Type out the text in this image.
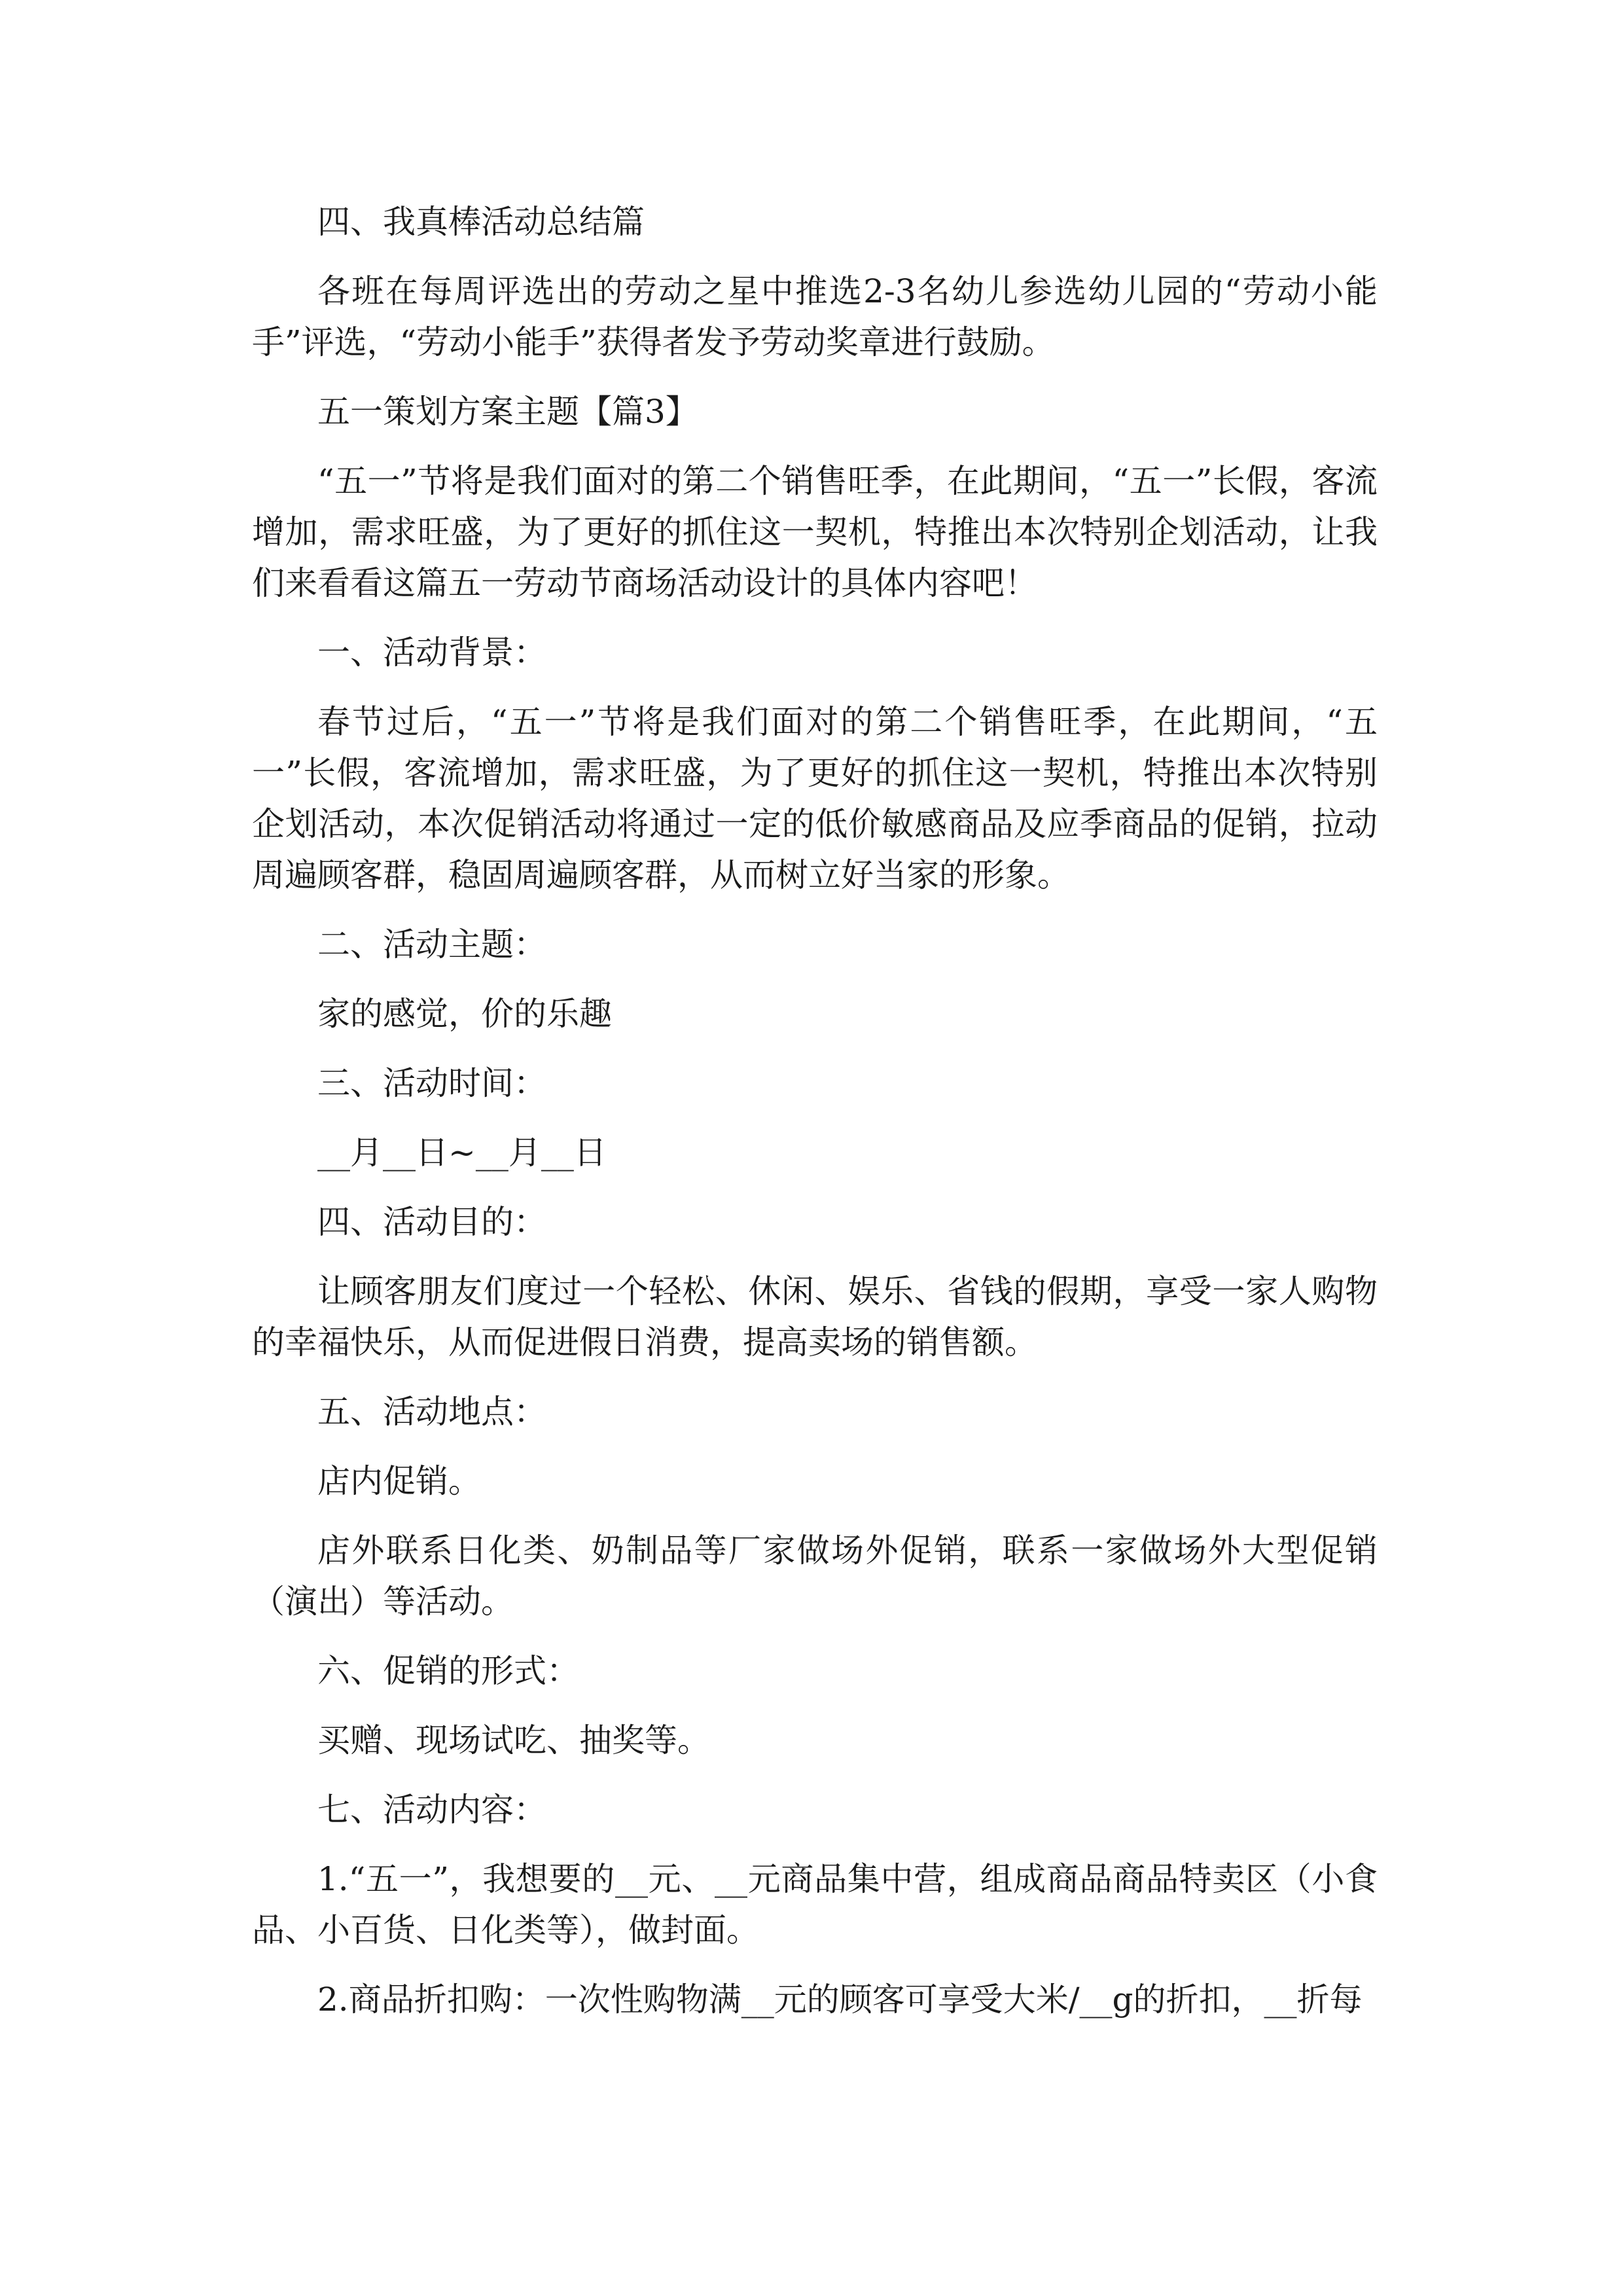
四、我真棒活动总结篇

各班在每周评选出的劳动之星中推选2-3名幼儿参选幼儿园的“劳动小能手”评选，“劳动小能手”获得者发予劳动奖章进行鼓励。

五一策划方案主题【篇3】

“五一”节将是我们面对的第二个销售旺季，在此期间，“五一”长假，客流增加，需求旺盛，为了更好的抓住这一契机，特推出本次特别企划活动，让我们来看看这篇五一劳动节商场活动设计的具体内容吧！

一、活动背景：

春节过后，“五一”节将是我们面对的第二个销售旺季，在此期间，“五一”长假，客流增加，需求旺盛，为了更好的抓住这一契机，特推出本次特别企划活动，本次促销活动将通过一定的低价敏感商品及应季商品的促销，拉动周遍顾客群，稳固周遍顾客群，从而树立好当家的形象。

二、活动主题：

家的感觉，价的乐趣

三、活动时间：

__月__日~__月__日

四、活动目的：

让顾客朋友们度过一个轻松、休闲、娱乐、省钱的假期，享受一家人购物的幸福快乐，从而促进假日消费，提高卖场的销售额。

五、活动地点：

店内促销。

店外联系日化类、奶制品等厂家做场外促销，联系一家做场外大型促销（演出）等活动。

六、促销的形式：

买赠、现场试吃、抽奖等。

七、活动内容：

1.“五一”，我想要的__元、__元商品集中营，组成商品商品特卖区（小食品、小百货、日化类等），做封面。

2.商品折扣购：一次性购物满__元的顾客可享受大米/__g的折扣，__折每
